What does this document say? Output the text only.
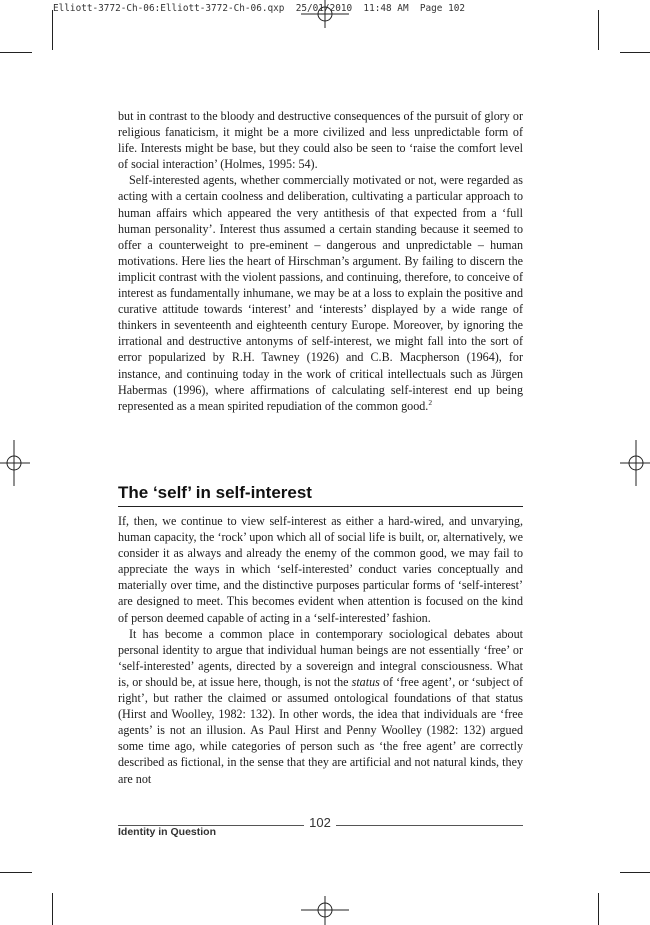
Elliott-3772-Ch-06:Elliott-3772-Ch-06.qxp  25/01/2010  11:48 AM  Page 102

but in contrast to the bloody and destructive consequences of the pursuit of glory or religious fanaticism, it might be a more civilized and less unpredictable form of life. Interests might be base, but they could also be seen to ‘raise the comfort level of social interaction’ (Holmes, 1995: 54).

Self-interested agents, whether commercially motivated or not, were regarded as acting with a certain coolness and deliberation, cultivating a particular approach to human affairs which appeared the very antithesis of that expected from a ‘full human personality’. Interest thus assumed a certain standing because it seemed to offer a counterweight to pre-eminent – dangerous and unpredictable – human motivations. Here lies the heart of Hirschman’s argument. By failing to discern the implicit contrast with the violent passions, and continuing, therefore, to conceive of interest as fundamentally inhumane, we may be at a loss to explain the positive and curative attitude towards ‘interest’ and ‘interests’ displayed by a wide range of thinkers in seventeenth and eighteenth century Europe. Moreover, by ignoring the irrational and destructive antonyms of self-interest, we might fall into the sort of error popularized by R.H. Tawney (1926) and C.B. Macpherson (1964), for instance, and continuing today in the work of critical intellectuals such as Jürgen Habermas (1996), where affirmations of calculating self-interest end up being represented as a mean spirited repudiation of the common good.$^2$

The ‘self’ in self-interest

If, then, we continue to view self-interest as either a hard-wired, and unvarying, human capacity, the ‘rock’ upon which all of social life is built, or, alternatively, we consider it as always and already the enemy of the common good, we may fail to appreciate the ways in which ‘self-interested’ conduct varies conceptually and materially over time, and the distinctive purposes particular forms of ‘self-interest’ are designed to meet. This becomes evident when attention is focused on the kind of person deemed capable of acting in a ‘self-interested’ fashion.

It has become a common place in contemporary sociological debates about personal identity to argue that individual human beings are not essentially ‘free’ or ‘self-interested’ agents, directed by a sovereign and integral consciousness. What is, or should be, at issue here, though, is not the status of ‘free agent’, or ‘subject of right’, but rather the claimed or assumed ontological foundations of that status (Hirst and Woolley, 1982: 132). In other words, the idea that individuals are ‘free agents’ is not an illusion. As Paul Hirst and Penny Woolley (1982: 132) argued some time ago, while categories of person such as ‘the free agent’ are correctly described as fictional, in the sense that they are artificial and not natural kinds, they are not

102
Identity in Question
